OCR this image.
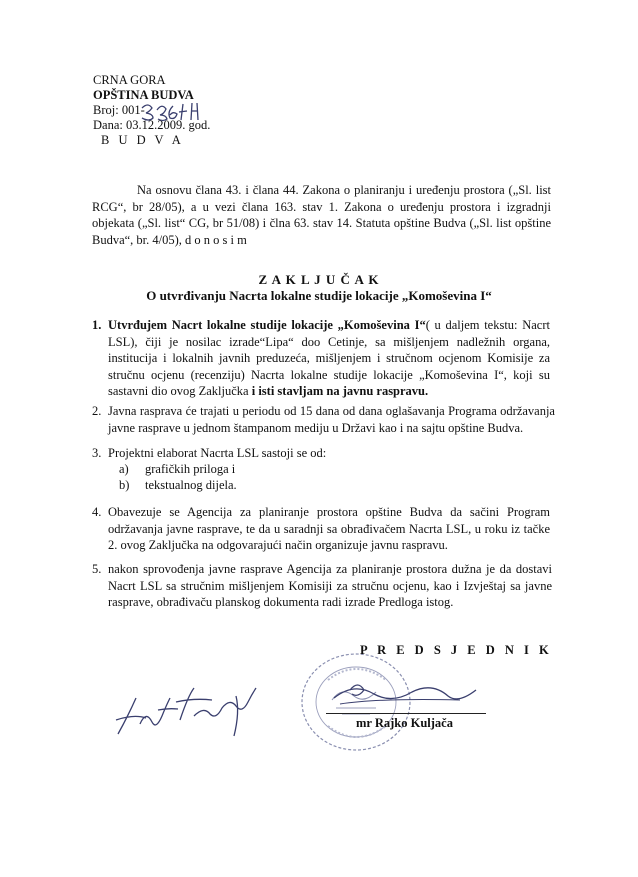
CRNA GORA
OPŠTINA BUDVA
Broj: 001-
Dana: 03.12.2009. god.
B U D V A
Na osnovu člana 43. i člana 44. Zakona o planiranju i uređenju prostora („Sl. list RCG“, br 28/05), a u vezi člana 163. stav 1. Zakona o uređenju prostora i izgradnji objekata („Sl. list“ CG, br 51/08) i člna 63. stav 14. Statuta opštine Budva („Sl. list opštine Budva“, br. 4/05), d o n o s i m
Z A K L J U Č A K
O utvrđivanju Nacrta lokalne studije lokacije „Komoševina I“
1. Utvrđujem Nacrt lokalne studije lokacije „Komoševina I“( u daljem tekstu: Nacrt LSL), čiji je nosilac izrade“Lipa“ doo Cetinje, sa mišljenjem nadležnih organa, institucija i lokalnih javnih preduzeća, mišljenjem i stručnom ocjenom Komisije za stručnu ocjenu (recenziju) Nacrta lokalne studije lokacije „Komoševina I“, koji su sastavni dio ovog Zaključka i isti stavljam na javnu raspravu.
2. Javna rasprava će trajati u periodu od 15 dana od dana oglašavanja Programa održavanja javne rasprave u jednom štampanom mediju u Državi kao i na sajtu opštine Budva.
3. Projektni elaborat Nacrta LSL sastoji se od:
a) grafičkih priloga i
b) tekstualnog dijela.
4. Obavezuje se Agencija za planiranje prostora opštine Budva da sačini Program održavanja javne rasprave, te da u saradnji sa obrađivačem Nacrta LSL, u roku iz tačke 2. ovog Zaključka na odgovarajući način organizuje javnu raspravu.
5. nakon sprovođenja javne rasprave Agencija za planiranje prostora dužna je da dostavi Nacrt LSL sa stručnim mišljenjem Komisiji za stručnu ocjenu, kao i Izvještaj sa javne rasprave, obrađivaču planskog dokumenta radi izrade Predloga istog.
P R E D S J E D N I K
mr Rajko Kuljača
